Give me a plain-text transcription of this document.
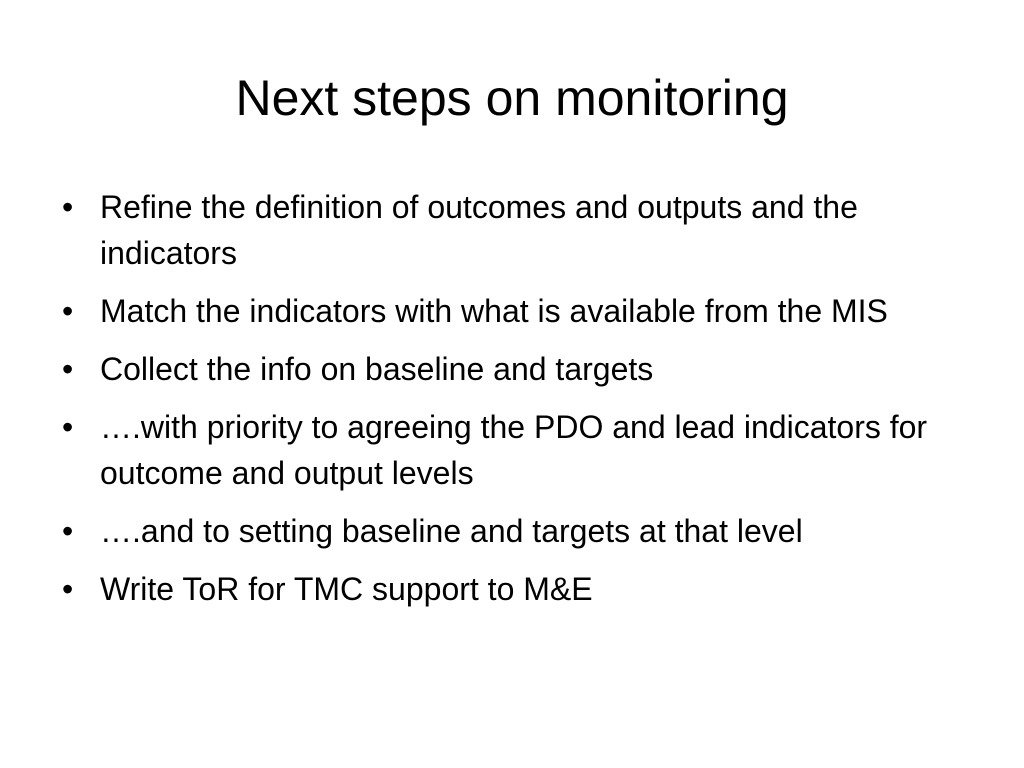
Next steps on monitoring
• Refine the definition of outcomes and outputs and the indicators
• Match the indicators with what is available from the MIS
• Collect the info on baseline and targets
• ….with priority to agreeing the PDO and lead indicators for outcome and output levels
• ….and to setting baseline and targets at that level
• Write ToR for TMC support to M&E
